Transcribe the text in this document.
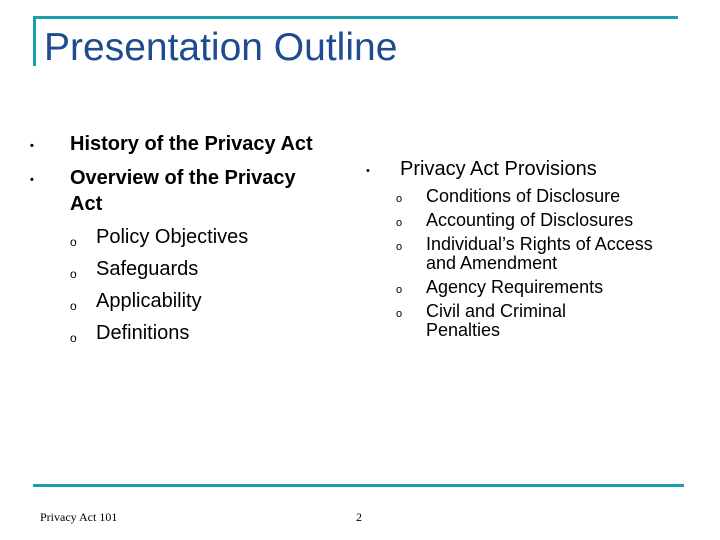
Presentation Outline
• History of the Privacy Act
• Overview of the Privacy Act
o Policy Objectives
o Safeguards
o Applicability
o Definitions
• Privacy Act Provisions
o Conditions of Disclosure
o Accounting of Disclosures
o Individual’s Rights of Access and Amendment
o Agency Requirements
o Civil and Criminal Penalties
Privacy Act 101	2
